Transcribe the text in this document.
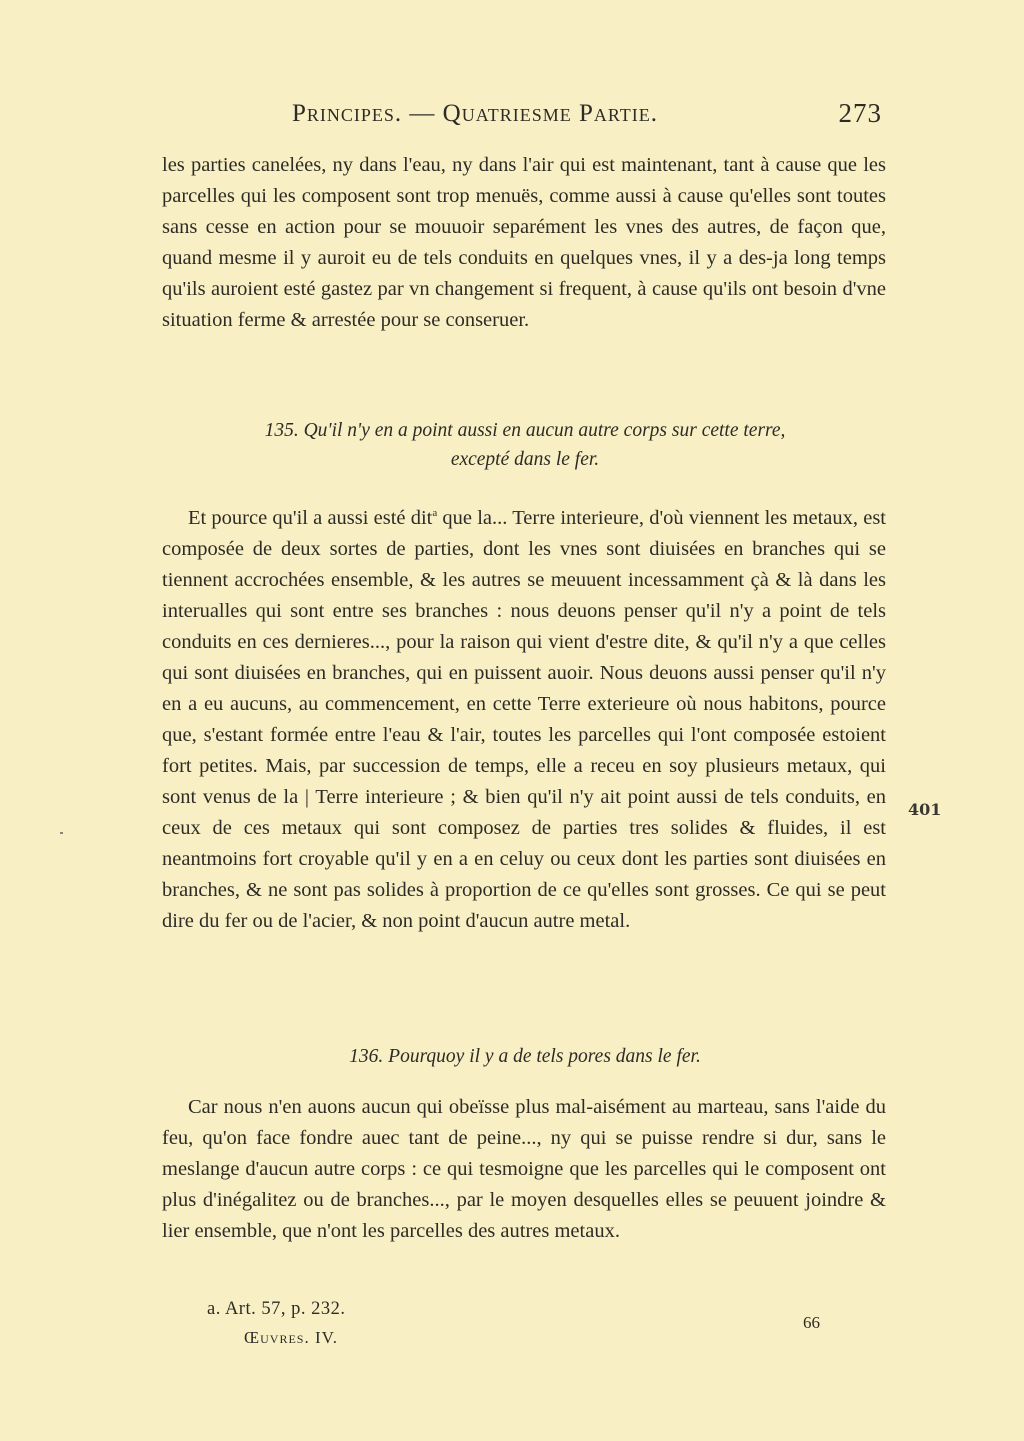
Principes. — Quatriesme Partie.	273

les parties canelées, ny dans l'eau, ny dans l'air qui est maintenant, tant à cause que les parcelles qui les composent sont trop menuës, comme aussi à cause qu'elles sont toutes sans cesse en action pour se mouuoir separément les vnes des autres, de façon que, quand mesme il y auroit eu de tels conduits en quelques vnes, il y a des-ja long temps qu'ils auroient esté gastez par vn changement si frequent, à cause qu'ils ont besoin d'vne situation ferme & arrestée pour se conseruer.

135. Qu'il n'y en a point aussi en aucun autre corps sur cette terre,
excepté dans le fer.

Et pource qu'il a aussi esté dit$^a$ que la... Terre interieure, d'où viennent les metaux, est composée de deux sortes de parties, dont les vnes sont diuisées en branches qui se tiennent accrochées ensemble, & les autres se meuuent incessamment çà & là dans les interualles qui sont entre ses branches : nous deuons penser qu'il n'y a point de tels conduits en ces dernieres..., pour la raison qui vient d'estre dite, & qu'il n'y a que celles qui sont diuisées en branches, qui en puissent auoir. Nous deuons aussi penser qu'il n'y en a eu aucuns, au commencement, en cette Terre exterieure où nous habitons, pource que, s'estant formée entre l'eau & l'air, toutes les parcelles qui l'ont composée estoient fort petites. Mais, par succession de temps, elle a receu en soy plusieurs metaux, qui sont venus de la | Terre interieure ; & bien qu'il n'y ait point aussi de tels conduits, en ceux de ces metaux qui sont composez de parties tres solides & fluides, il est neantmoins fort croyable qu'il y en a en celuy ou ceux dont les parties sont diuisées en branches, & ne sont pas solides à proportion de ce qu'elles sont grosses. Ce qui se peut dire du fer ou de l'acier, & non point d'aucun autre metal.

401
136. Pourquoy il y a de tels pores dans le fer.

Car nous n'en auons aucun qui obeïsse plus mal-aisément au marteau, sans l'aide du feu, qu'on face fondre auec tant de peine..., ny qui se puisse rendre si dur, sans le meslange d'aucun autre corps : ce qui tesmoigne que les parcelles qui le composent ont plus d'inégalitez ou de branches..., par le moyen desquelles elles se peuuent joindre & lier ensemble, que n'ont les parcelles des autres metaux.

a. Art. 57, p. 232.
Œuvres. IV.
66
